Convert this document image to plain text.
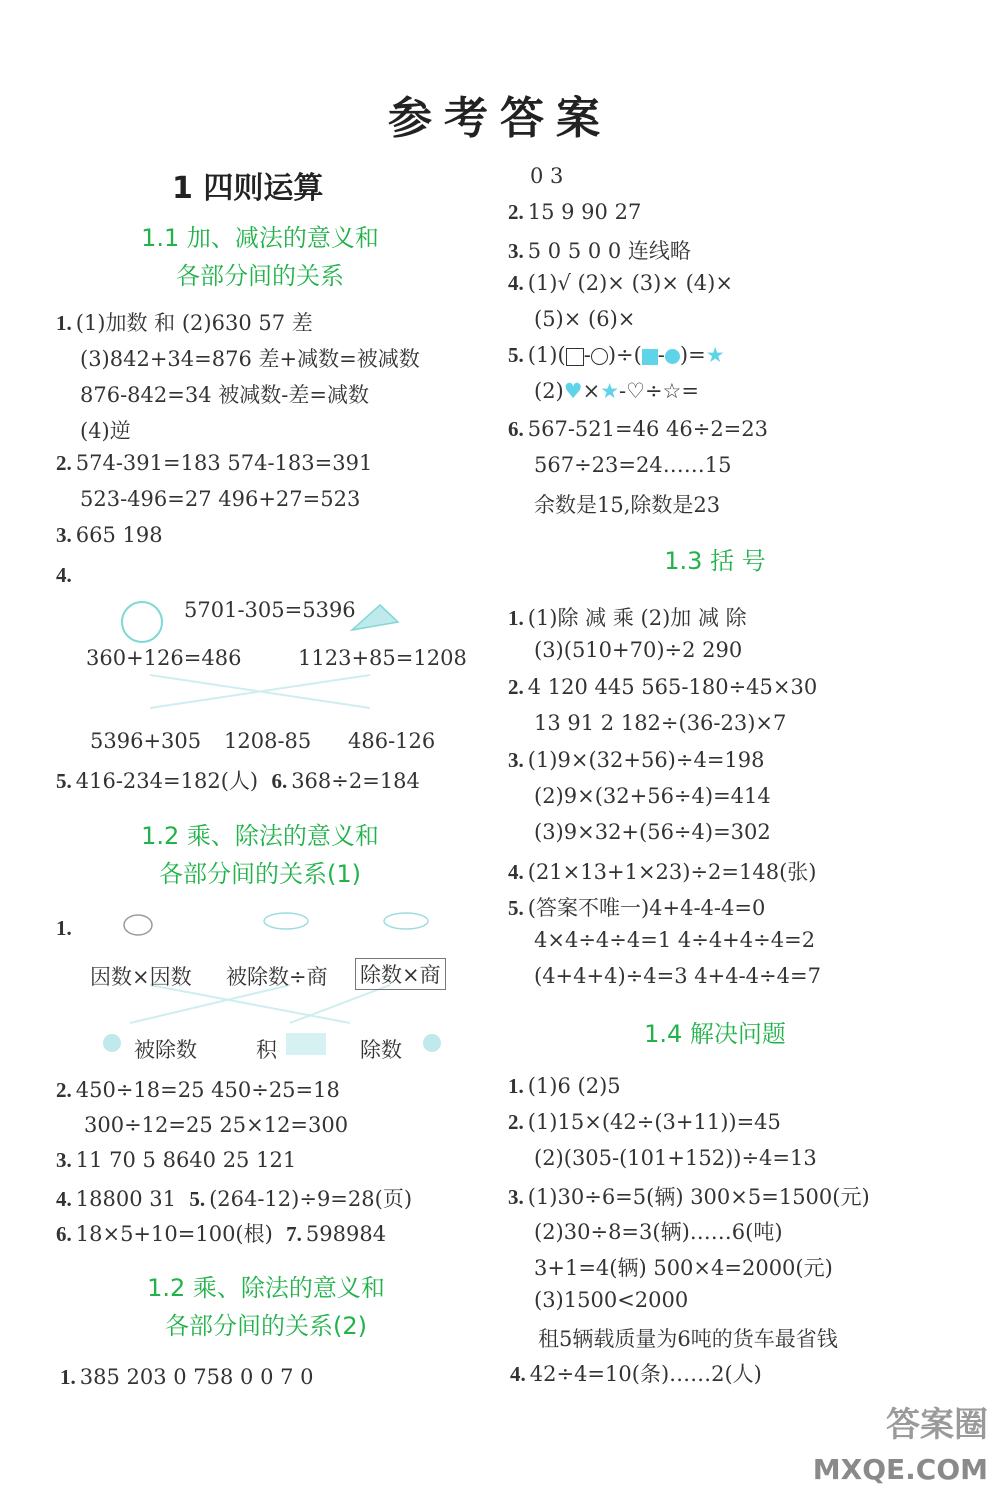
参考答案
1 四则运算
1.1 加、减法的意义和
各部分间的关系
1. (1)加数 和 (2)630 57 差
(3)842+34=876 差+减数=被减数
876-842=34 被减数-差=减数
(4)逆
2. 574-391=183 574-183=391
523-496=27 496+27=523
3. 665 198
4.
5701-305=5396
360+126=486	1123+85=1208
5396+305 1208-85 486-126
5. 416-234=182(人) 6. 368÷2=184
1.2 乘、除法的意义和
各部分间的关系(1)
1.
因数×因数 被除数÷商 除数×商
被除数	积	除数
2. 450÷18=25 450÷25=18
300÷12=25 25×12=300
3. 11 70 5 8640 25 121
4. 18800 31 5. (264-12)÷9=28(页)
6. 18×5+10=100(根) 7. 598984
1.2 乘、除法的意义和
各部分间的关系(2)
1. 385 203 0 758 0 0 7 0
0 3
2. 15 9 90 27
3. 5 0 5 0 0 连线略
4. (1)√ (2)× (3)× (4)×
(5)× (6)×
5. (1)( - )÷( - )=★
(2)♥×★-♡÷☆=
6. 567-521=46 46÷2=23
567÷23=24……15
余数是15,除数是23
1.3 括 号
1. (1)除 减 乘 (2)加 减 除
(3)(510+70)÷2 290
2. 4 120 445 565-180÷45×30
13 91 2 182÷(36-23)×7
3. (1)9×(32+56)÷4=198
(2)9×(32+56÷4)=414
(3)9×32+(56÷4)=302
4. (21×13+1×23)÷2=148(张)
5. (答案不唯一)4+4-4-4=0
4×4÷4÷4=1 4÷4+4÷4=2
(4+4+4)÷4=3 4+4-4÷4=7
1.4 解决问题
1. (1)6 (2)5
2. (1)15×(42÷(3+11))=45
(2)(305-(101+152))÷4=13
3. (1)30÷6=5(辆) 300×5=1500(元)
(2)30÷8=3(辆)……6(吨)
3+1=4(辆) 500×4=2000(元)
(3)1500<2000
租5辆载质量为6吨的货车最省钱
4. 42÷4=10(条)……2(人)
答案圈
MXQE.COM
